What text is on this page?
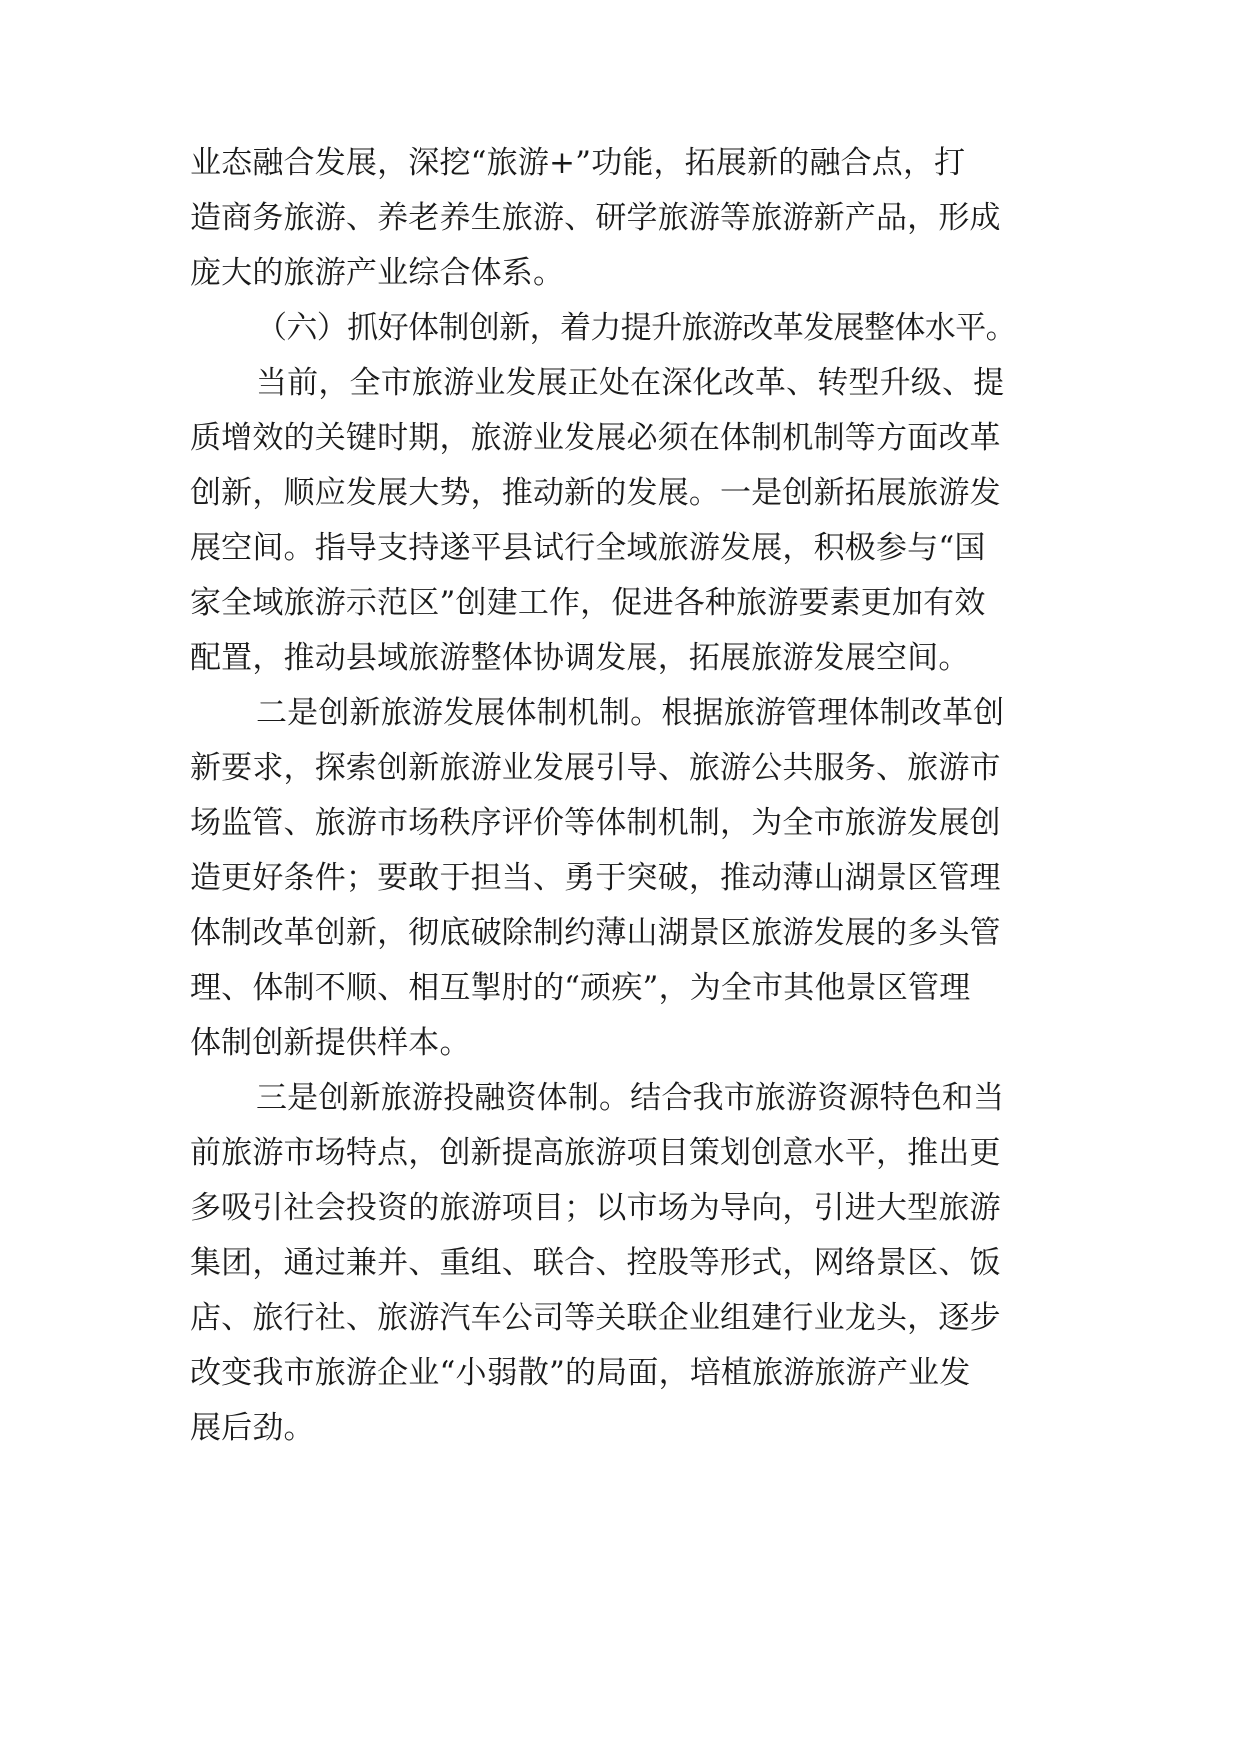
业态融合发展，深挖“旅游+”功能，拓展新的融合点，打
造商务旅游、养老养生旅游、研学旅游等旅游新产品，形成
庞大的旅游产业综合体系。
（六）抓好体制创新，着力提升旅游改革发展整体水平。
当前，全市旅游业发展正处在深化改革、转型升级、提
质增效的关键时期，旅游业发展必须在体制机制等方面改革
创新，顺应发展大势，推动新的发展。一是创新拓展旅游发
展空间。指导支持遂平县试行全域旅游发展，积极参与“国
家全域旅游示范区”创建工作，促进各种旅游要素更加有效
配置，推动县域旅游整体协调发展，拓展旅游发展空间。
二是创新旅游发展体制机制。根据旅游管理体制改革创
新要求，探索创新旅游业发展引导、旅游公共服务、旅游市
场监管、旅游市场秩序评价等体制机制，为全市旅游发展创
造更好条件；要敢于担当、勇于突破，推动薄山湖景区管理
体制改革创新，彻底破除制约薄山湖景区旅游发展的多头管
理、体制不顺、相互掣肘的“顽疾”，为全市其他景区管理
体制创新提供样本。
三是创新旅游投融资体制。结合我市旅游资源特色和当
前旅游市场特点，创新提高旅游项目策划创意水平，推出更
多吸引社会投资的旅游项目；以市场为导向，引进大型旅游
集团，通过兼并、重组、联合、控股等形式，网络景区、饭
店、旅行社、旅游汽车公司等关联企业组建行业龙头，逐步
改变我市旅游企业“小弱散”的局面，培植旅游旅游产业发
展后劲。
